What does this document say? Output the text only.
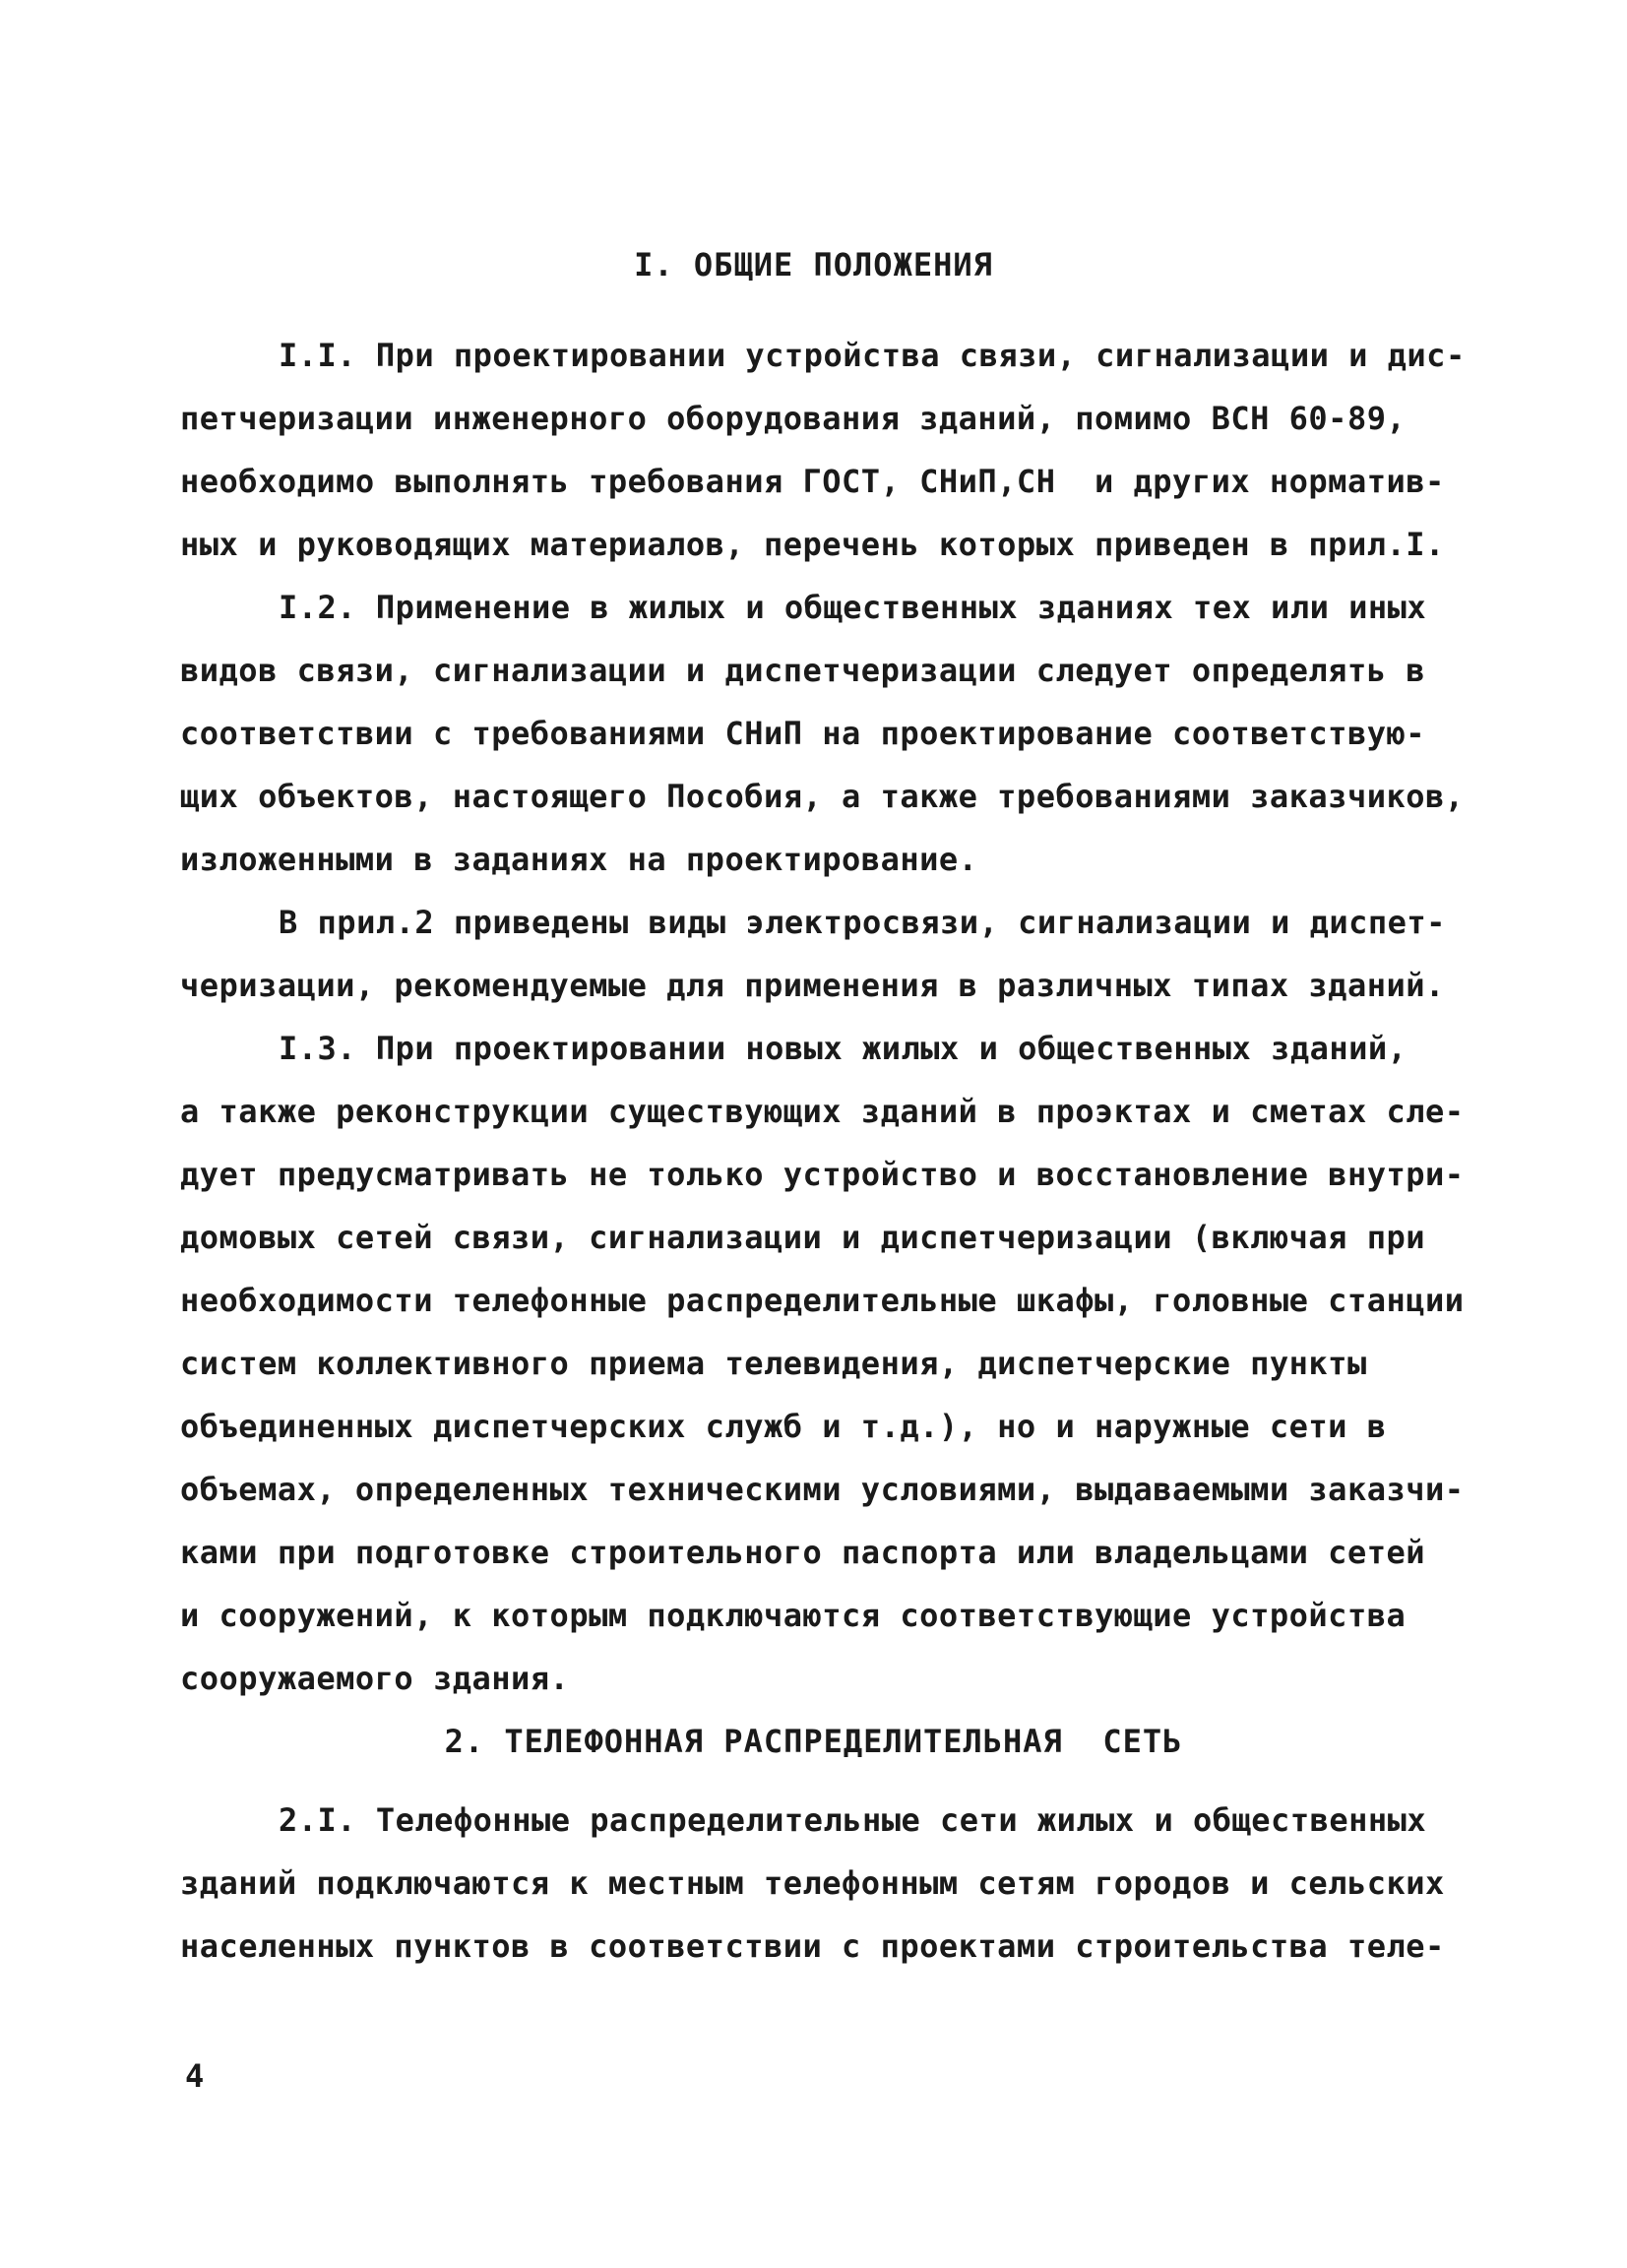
I. ОБЩИЕ ПОЛОЖЕНИЯ
I.I. При проектировании устройства связи, сигнализации и дис-
петчеризации инженерного оборудования зданий, помимо ВСН 60-89,
необходимо выполнять требования ГОСТ, СНиП,СН  и других норматив-
ных и руководящих материалов, перечень которых приведен в прил.I.
I.2. Применение в жилых и общественных зданиях тех или иных
видов связи, сигнализации и диспетчеризации следует определять в
соответствии с требованиями СНиП на проектирование соответствую-
щих объектов, настоящего Пособия, а также требованиями заказчиков,
изложенными в заданиях на проектирование.
В прил.2 приведены виды электросвязи, сигнализации и диспет-
черизации, рекомендуемые для применения в различных типах зданий.
I.3. При проектировании новых жилых и общественных зданий,
а также реконструкции существующих зданий в проэктах и сметах сле-
дует предусматривать не только устройство и восстановление внутри-
домовых сетей связи, сигнализации и диспетчеризации (включая при
необходимости телефонные распределительные шкафы, головные станции
систем коллективного приема телевидения, диспетчерские пункты
объединенных диспетчерских служб и т.д.), но и наружные сети в
объемах, определенных техническими условиями, выдаваемыми заказчи-
ками при подготовке строительного паспорта или владельцами сетей
и сооружений, к которым подключаются соответствующие устройства
сооружаемого здания.
2. ТЕЛЕФОННАЯ РАСПРЕДЕЛИТЕЛЬНАЯ  СЕТЬ
2.I. Телефонные распределительные сети жилых и общественных
зданий подключаются к местным телефонным сетям городов и сельских
населенных пунктов в соответствии с проектами строительства теле-
4
